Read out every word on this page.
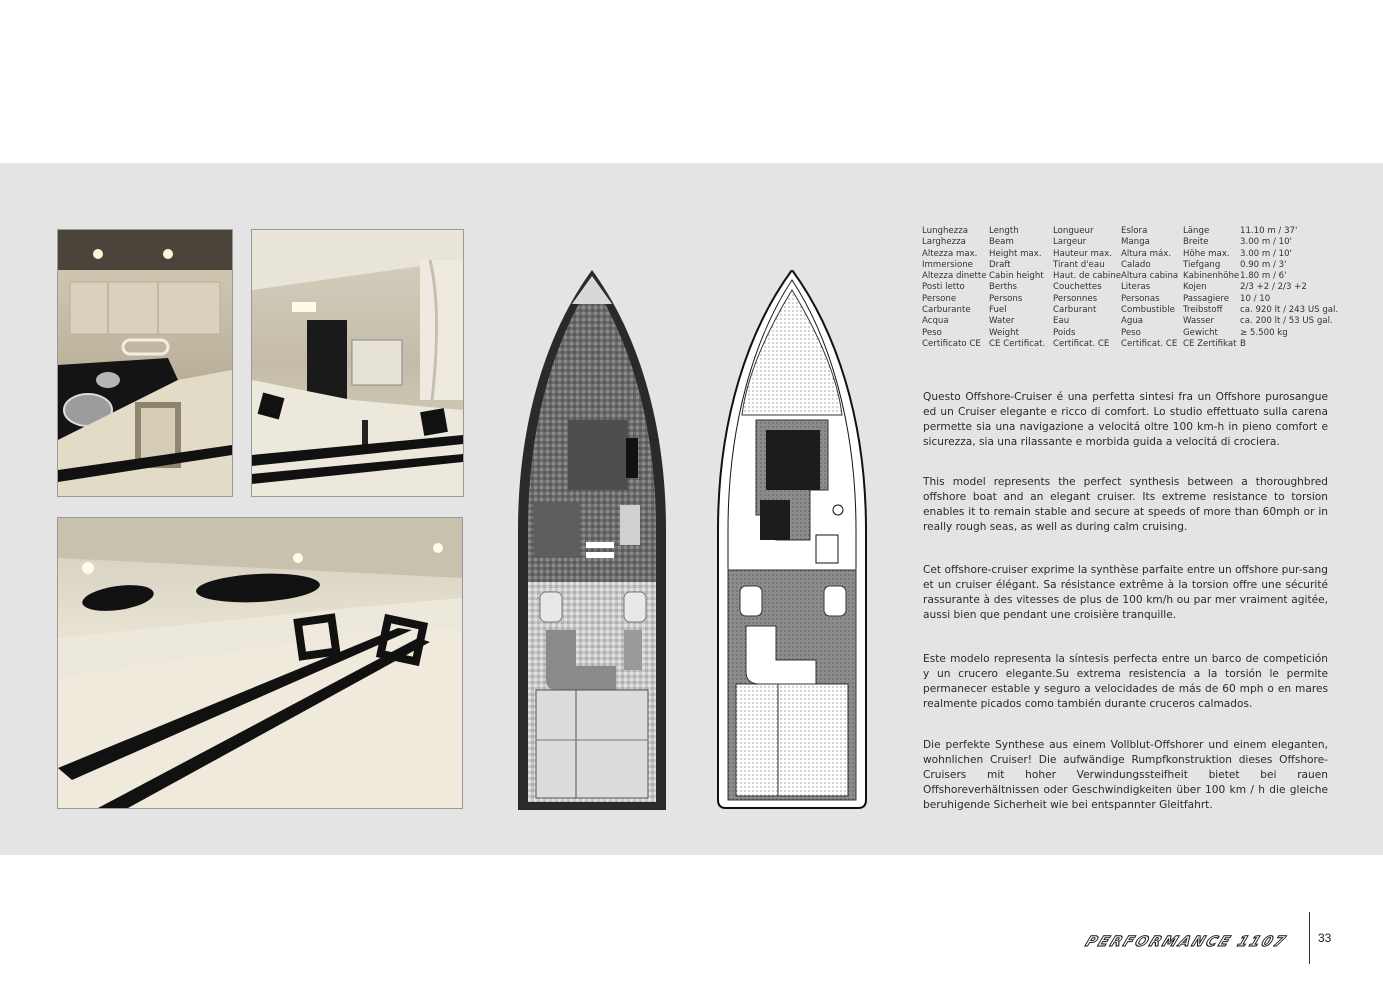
Lunghezza
Larghezza
Altezza max.
Immersione
Altezza dinette
Posti letto
Persone
Carburante
Acqua
Peso
Certificato CE
Length
Beam
Height max.
Draft
Cabin height
Berths
Persons
Fuel
Water
Weight
CE Certificat.
Longueur
Largeur
Hauteur max.
Tirant d'eau
Haut. de cabine
Couchettes
Personnes
Carburant
Eau
Poids
Certificat. CE
Eslora
Manga
Altura máx.
Calado
Altura cabina
Literas
Personas
Combustible
Agua
Peso
Certificat. CE
Länge
Breite
Höhe max.
Tiefgang
Kabinenhöhe
Kojen
Passagiere
Treibstoff
Wasser
Gewicht
CE Zertifikat
11.10 m / 37'
3.00 m / 10'
3.00 m / 10'
0.90 m / 3'
1.80 m / 6'
2/3 +2 / 2/3 +2
10 / 10
ca. 920 lt / 243 US gal.
ca. 200 lt / 53 US gal.
≥ 5.500 kg
B

Questo Offshore-Cruiser é una perfetta sintesi fra un Offshore purosangue ed un Cruiser elegante e ricco di comfort. Lo studio effettuato sulla carena permette sia una navigazione a velocitá oltre 100 km-h in pieno comfort e sicurezza, sia una rilassante e morbida guida a velocitá di crociera.

This model represents the perfect synthesis between a thoroughbred offshore boat and an elegant cruiser. Its extreme resistance to torsion enables it to remain stable and secure at speeds of more than 60mph or in really rough seas, as well as during calm cruising.

Cet offshore-cruiser exprime la synthèse parfaite entre un offshore pur-sang et un cruiser élégant. Sa résistance extrême à la torsion offre une sécurité rassurante à des vitesses de plus de 100 km/h ou par mer vraiment agitée, aussi bien que pendant une croisière tranquille.

Este modelo representa la síntesis perfecta entre un barco de competición y un crucero elegante.Su extrema resistencia a la torsión le permite permanecer estable y seguro a velocidades de más de 60 mph o en mares realmente picados como también durante cruceros calmados.

Die perfekte Synthese aus einem Vollblut-Offshorer und einem eleganten, wohnlichen Cruiser! Die aufwändige Rumpfkonstruktion dieses Offshore-Cruisers mit hoher Verwindungssteifheit bietet bei rauen Offshoreverhältnissen oder Geschwindigkeiten über 100 km / h die gleiche beruhigende Sicherheit wie bei entspannter Gleitfahrt.

PERFORMANCE 1107	33
